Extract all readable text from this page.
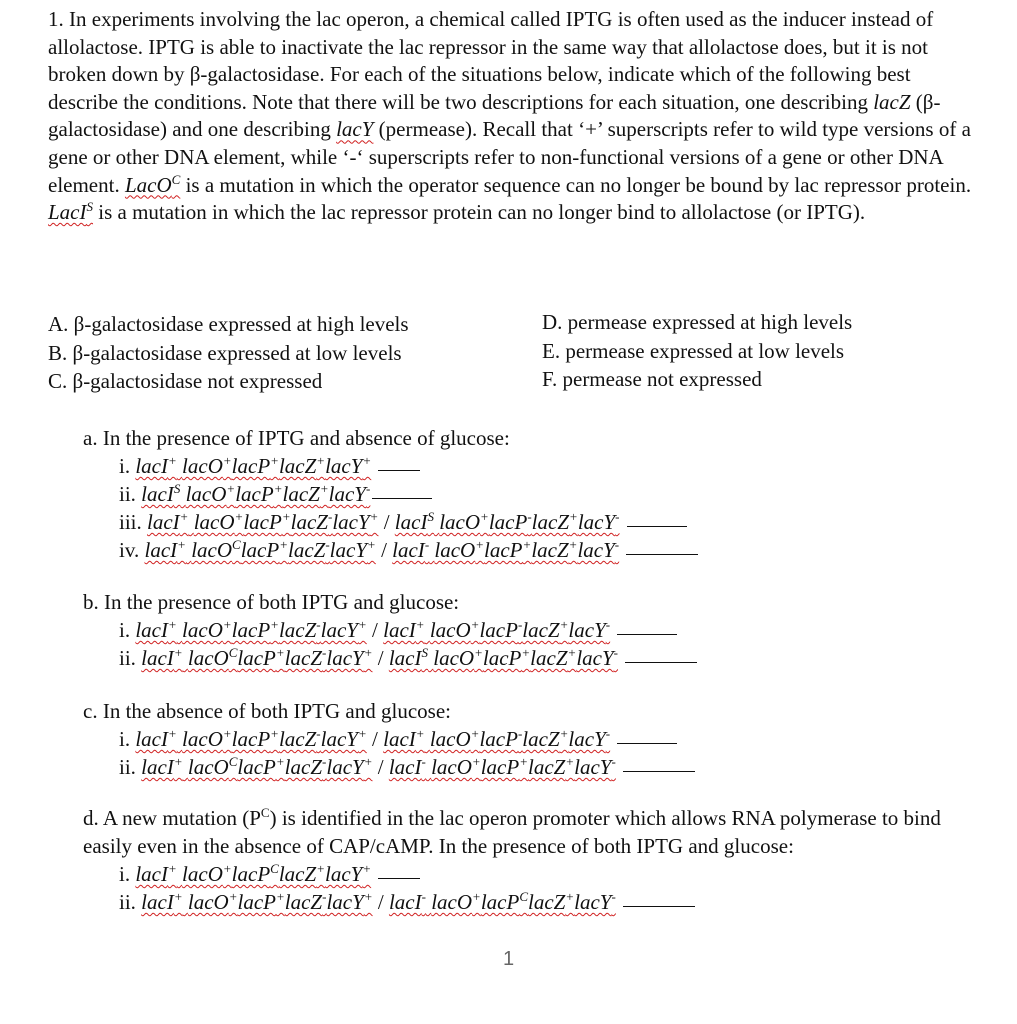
1. In experiments involving the lac operon, a chemical called IPTG is often used as the inducer instead of allolactose. IPTG is able to inactivate the lac repressor in the same way that allolactose does, but it is not broken down by β-galactosidase. For each of the situations below, indicate which of the following best describe the conditions. Note that there will be two descriptions for each situation, one describing lacZ (β-galactosidase) and one describing lacY (permease). Recall that ‘+’ superscripts refer to wild type versions of a gene or other DNA element, while ‘-‘ superscripts refer to non-functional versions of a gene or other DNA element. LacO$^C$ is a mutation in which the operator sequence can no longer be bound by lac repressor protein. LacI$^S$ is a mutation in which the lac repressor protein can no longer bind to allolactose (or IPTG).

A. β-galactosidase expressed at high levels
B. β-galactosidase expressed at low levels
C. β-galactosidase not expressed
D. permease expressed at high levels
E. permease expressed at low levels
F. permease not expressed
a. In the presence of IPTG and absence of glucose:
i. lacI+ lacO+lacP+lacZ+lacY+
ii. lacI$^S$ lacO+lacP+lacZ+lacY-
iii. lacI+ lacO+lacP+lacZ-lacY+ / lacI$^S$ lacO+lacP-lacZ+lacY-
iv. lacI+ lacO$^C$lacP+lacZ-lacY+ / lacI- lacO+lacP+lacZ+lacY-
b. In the presence of both IPTG and glucose:
i. lacI+ lacO+lacP+lacZ-lacY+ / lacI+ lacO+lacP-lacZ+lacY-
ii. lacI+ lacO$^C$lacP+lacZ-lacY+ / lacI$^S$ lacO+lacP+lacZ+lacY-
c. In the absence of both IPTG and glucose:
i. lacI+ lacO+lacP+lacZ-lacY+ / lacI+ lacO+lacP-lacZ+lacY-
ii. lacI+ lacO$^C$lacP+lacZ-lacY+ / lacI- lacO+lacP+lacZ+lacY-
d. A new mutation $(P^C)$ is identified in the lac operon promoter which allows RNA polymerase to bind easily even in the absence of CAP/cAMP. In the presence of both IPTG and glucose:
i. lacI+ lacO+lacP$^C$lacZ+lacY+
ii. lacI+ lacO+lacP+lacZ-lacY+ / lacI- lacO+lacP$^C$lacZ+lacY-
1
